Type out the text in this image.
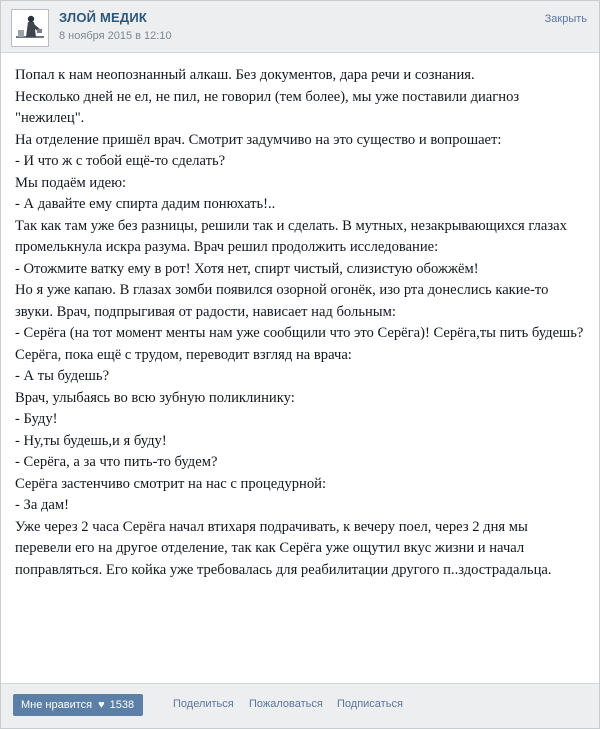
ЗЛОЙ МЕДИК
8 ноября 2015 в 12:10
Закрыть

Попал к нам неопознанный алкаш. Без документов, дара речи и сознания.

Несколько дней не ел, не пил, не говорил (тем более), мы уже поставили диагноз "нежилец".

На отделение пришёл врач. Смотрит задумчиво на это существо и вопрошает:

- И что ж с тобой ещё-то сделать?

Мы подаём идею:

- А давайте ему спирта дадим понюхать!..

Так как там уже без разницы, решили так и сделать. В мутных, незакрывающихся глазах промелькнула искра разума. Врач решил продолжить исследование:

- Отожмите ватку ему в рот! Хотя нет, спирт чистый, слизистую обожжём!

Но я уже капаю. В глазах зомби появился озорной огонёк, изо рта донеслись какие-то звуки. Врач, подпрыгивая от радости, нависает над больным:

- Серёга (на тот момент менты нам уже сообщили что это Серёга)! Серёга,ты пить будешь?

Серёга, пока ещё с трудом, переводит взгляд на врача:

- А ты будешь?

Врач, улыбаясь во всю зубную поликлинику:

- Буду!

- Ну,ты будешь,и я буду!

- Серёга, а за что пить-то будем?

Серёга застенчиво смотрит на нас с процедурной:

- За дам!

Уже через 2 часа Серёга начал втихаря подрачивать, к вечеру поел, через 2 дня мы перевели его на другое отделение, так как Серёга уже ощутил вкус жизни и начал поправляться. Его койка уже требовалась для реабилитации другого п..здострадальца.

Мне нравится ♥ 1538	Поделиться Пожаловаться Подписаться
